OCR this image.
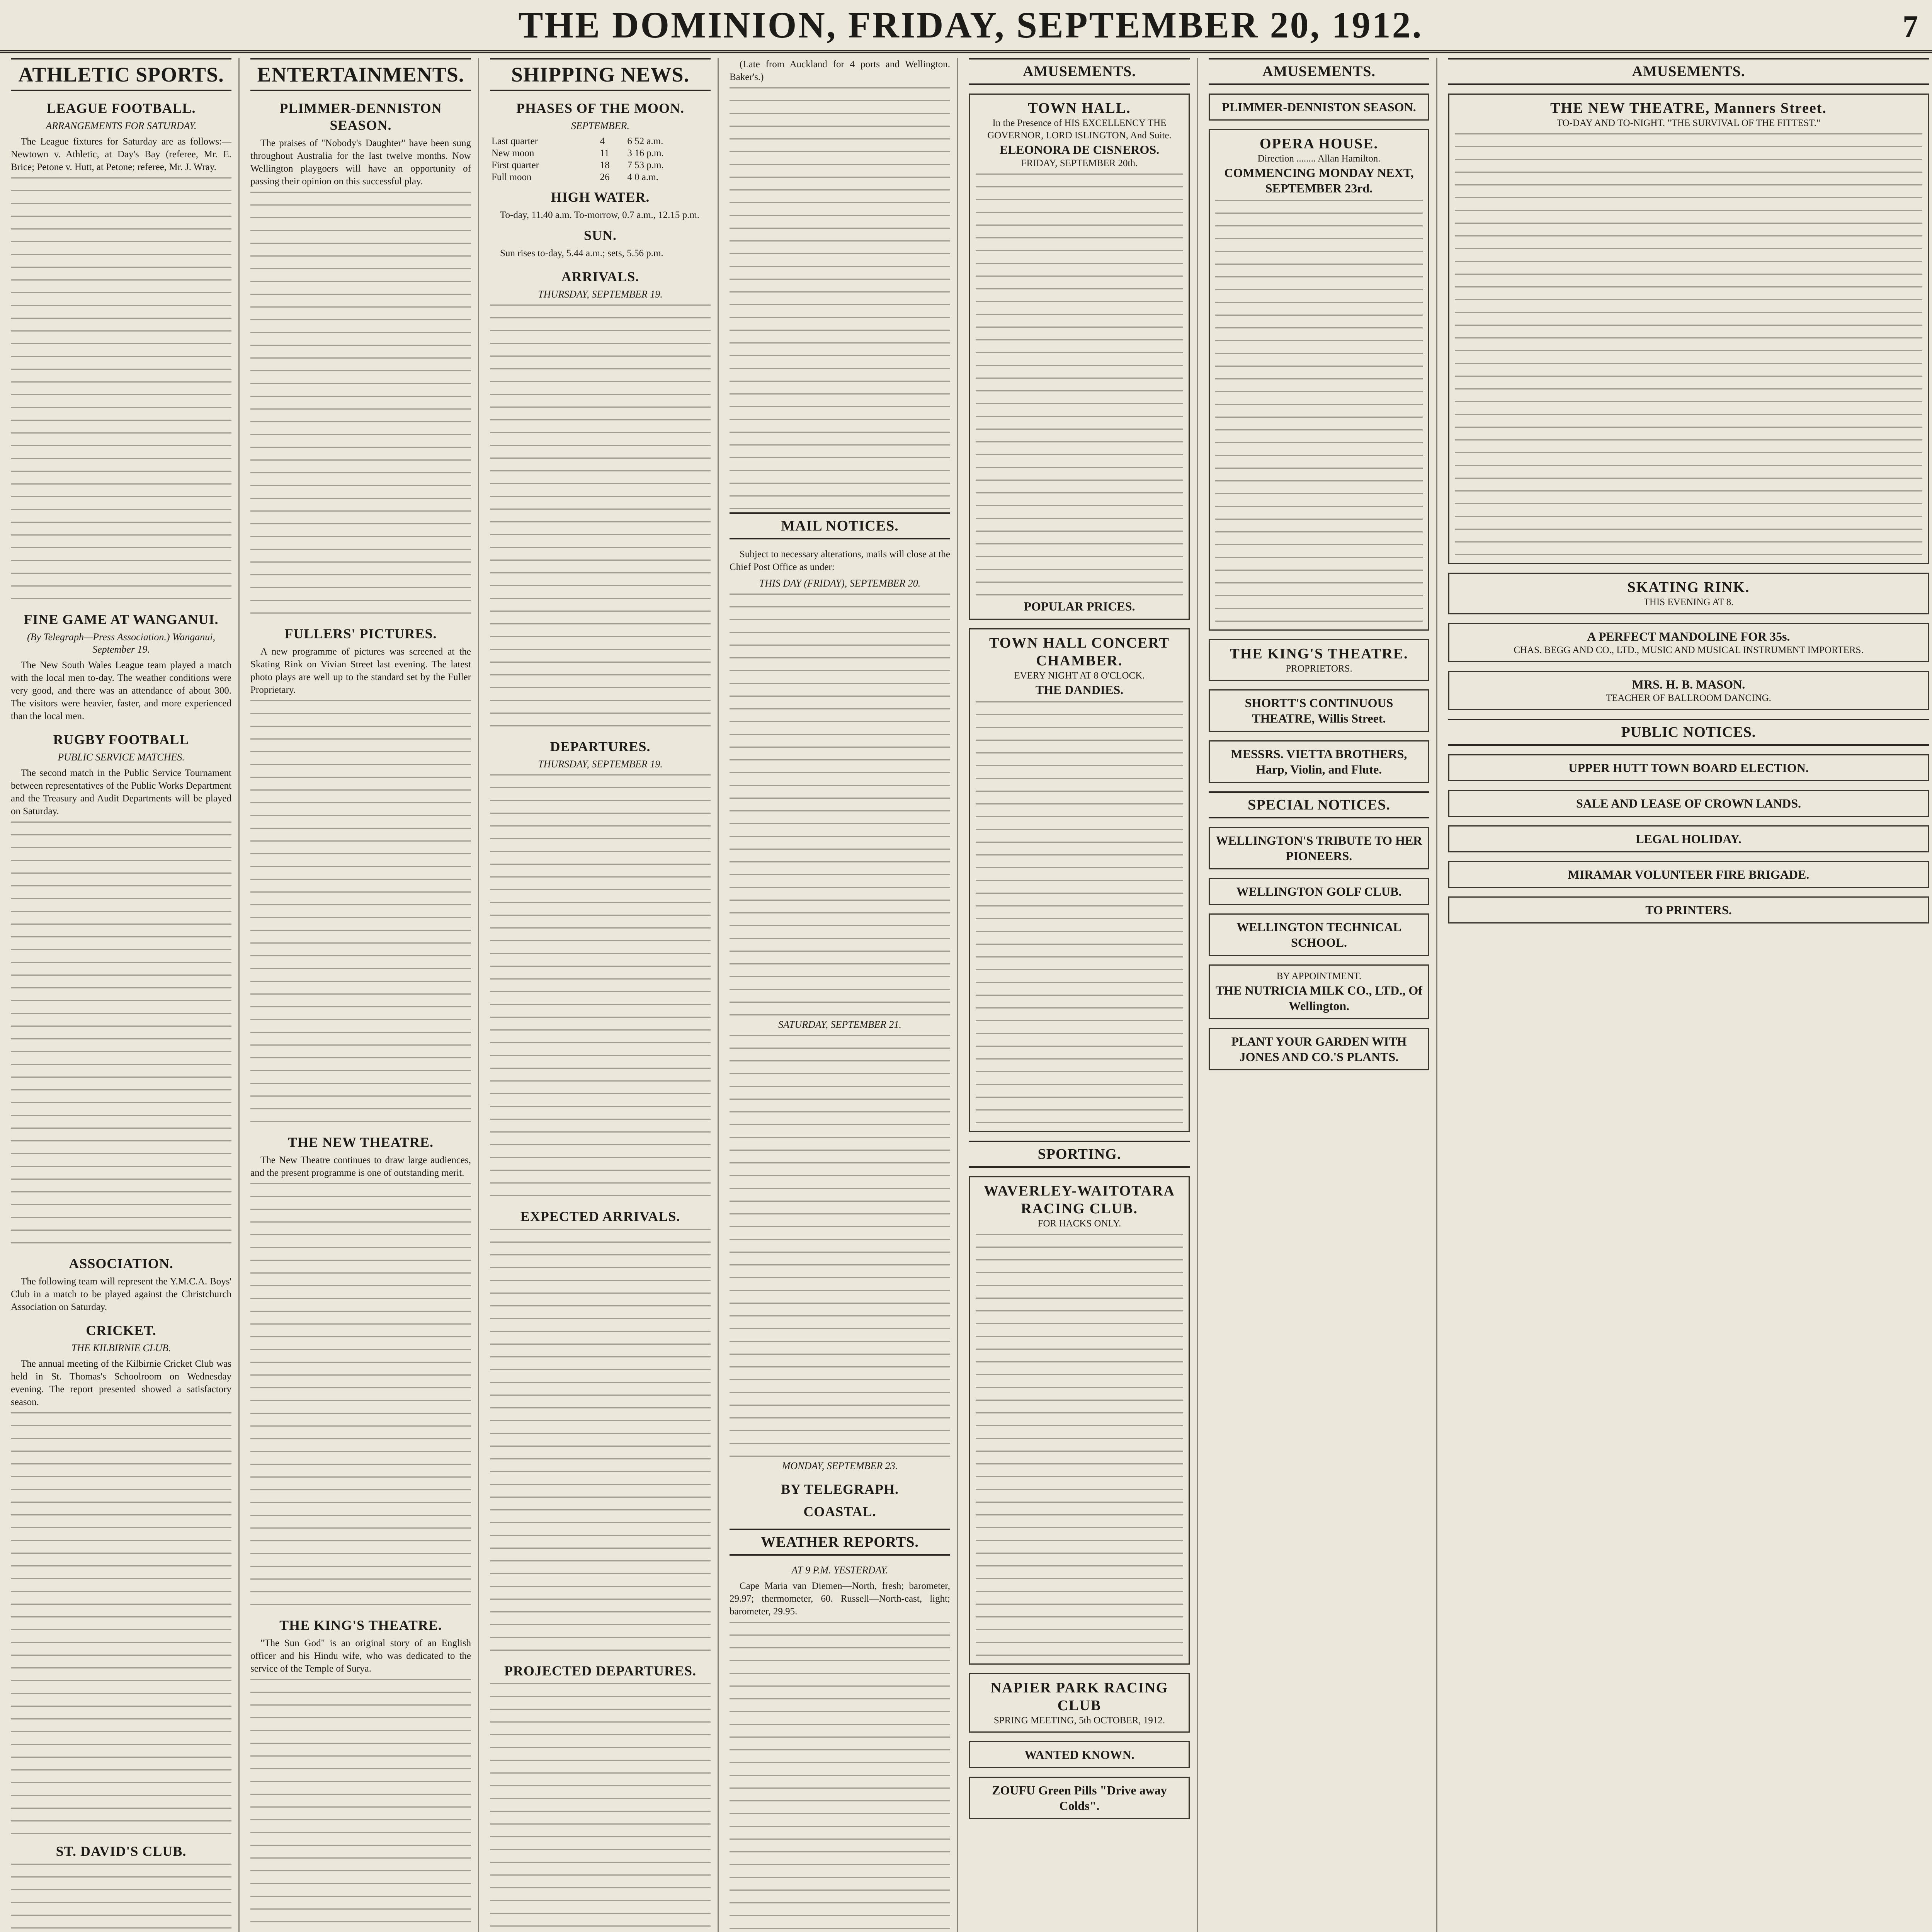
THE DOMINION, FRIDAY, SEPTEMBER 20, 1912.	7
ATHLETIC SPORTS.
LEAGUE FOOTBALL.
ARRANGEMENTS FOR SATURDAY.

The League fixtures for Saturday are as follows:—Newtown v. Athletic, at Day's Bay (referee, Mr. E. Brice; Petone v. Hutt, at Petone; referee, Mr. J. Wray.

FINE GAME AT WANGANUI.
(By Telegraph—Press Association.) Wanganui, September 19.

The New South Wales League team played a match with the local men to-day. The weather conditions were very good, and there was an attendance of about 300. The visitors were heavier, faster, and more experienced than the local men.

RUGBY FOOTBALL
PUBLIC SERVICE MATCHES.

The second match in the Public Service Tournament between representatives of the Public Works Department and the Treasury and Audit Departments will be played on Saturday.

ASSOCIATION.

The following team will represent the Y.M.C.A. Boys' Club in a match to be played against the Christchurch Association on Saturday.

CRICKET.
THE KILBIRNIE CLUB.

The annual meeting of the Kilbirnie Cricket Club was held in St. Thomas's Schoolroom on Wednesday evening. The report presented showed a satisfactory season.

ST. DAVID'S CLUB.

ENTERTAINMENTS.
PLIMMER-DENNISTON SEASON.

The praises of "Nobody's Daughter" have been sung throughout Australia for the last twelve months. Now Wellington playgoers will have an opportunity of passing their opinion on this successful play.

FULLERS' PICTURES.

A new programme of pictures was screened at the Skating Rink on Vivian Street last evening. The latest photo plays are well up to the standard set by the Fuller Proprietary.

THE NEW THEATRE.

The New Theatre continues to draw large audiences, and the present programme is one of outstanding merit.

THE KING'S THEATRE.

"The Sun God" is an original story of an English officer and his Hindu wife, who was dedicated to the service of the Temple of Surya.

SHIPPING NEWS.
PHASES OF THE MOON.
SEPTEMBER.
Last quarter	4	6 52 a.m.
New moon	11	3 16 p.m.
First quarter	18	7 53 p.m.
Full moon	26	4 0 a.m.
HIGH WATER.

To-day, 11.40 a.m. To-morrow, 0.7 a.m., 12.15 p.m.

SUN.

Sun rises to-day, 5.44 a.m.; sets, 5.56 p.m.

ARRIVALS.
THURSDAY, SEPTEMBER 19.
DEPARTURES.
THURSDAY, SEPTEMBER 19.
EXPECTED ARRIVALS.
PROJECTED DEPARTURES.

(Late from Auckland for 4 ports and Wellington. Baker's.)

MAIL NOTICES.

Subject to necessary alterations, mails will close at the Chief Post Office as under:

THIS DAY (FRIDAY), SEPTEMBER 20.
SATURDAY, SEPTEMBER 21.
MONDAY, SEPTEMBER 23.
BY TELEGRAPH.
COASTAL.
WEATHER REPORTS.
AT 9 P.M. YESTERDAY.

Cape Maria van Diemen—North, fresh; barometer, 29.97; thermometer, 60. Russell—North-east, light; barometer, 29.95.

AMUSEMENTS.
TOWN HALL.
In the Presence of HIS EXCELLENCY THE GOVERNOR, LORD ISLINGTON, And Suite.
ELEONORA DE CISNEROS.
FRIDAY, SEPTEMBER 20th.
POPULAR PRICES.
TOWN HALL CONCERT CHAMBER.
EVERY NIGHT AT 8 O'CLOCK.
THE DANDIES.
SPORTING.
WAVERLEY-WAITOTARA RACING CLUB.
FOR HACKS ONLY.
NAPIER PARK RACING CLUB
SPRING MEETING, 5th OCTOBER, 1912.
WANTED KNOWN.
ZOUFU Green Pills "Drive away Colds".
AMUSEMENTS.
PLIMMER-DENNISTON SEASON.
OPERA HOUSE.
Direction ........ Allan Hamilton.
COMMENCING MONDAY NEXT, SEPTEMBER 23rd.
THE KING'S THEATRE.
PROPRIETORS.
SHORTT'S CONTINUOUS THEATRE, Willis Street.
MESSRS. VIETTA BROTHERS, Harp, Violin, and Flute.
SPECIAL NOTICES.
WELLINGTON'S TRIBUTE TO HER PIONEERS.
WELLINGTON GOLF CLUB.
WELLINGTON TECHNICAL SCHOOL.
BY APPOINTMENT.
THE NUTRICIA MILK CO., LTD., Of Wellington.
PLANT YOUR GARDEN WITH JONES AND CO.'S PLANTS.
AMUSEMENTS.
THE NEW THEATRE, Manners Street.
TO-DAY AND TO-NIGHT. "THE SURVIVAL OF THE FITTEST."
SKATING RINK.
THIS EVENING AT 8.
A PERFECT MANDOLINE FOR 35s.
CHAS. BEGG AND CO., LTD., MUSIC AND MUSICAL INSTRUMENT IMPORTERS.
MRS. H. B. MASON.
TEACHER OF BALLROOM DANCING.
PUBLIC NOTICES.
UPPER HUTT TOWN BOARD ELECTION.
SALE AND LEASE OF CROWN LANDS.
LEGAL HOLIDAY.
MIRAMAR VOLUNTEER FIRE BRIGADE.
TO PRINTERS.
